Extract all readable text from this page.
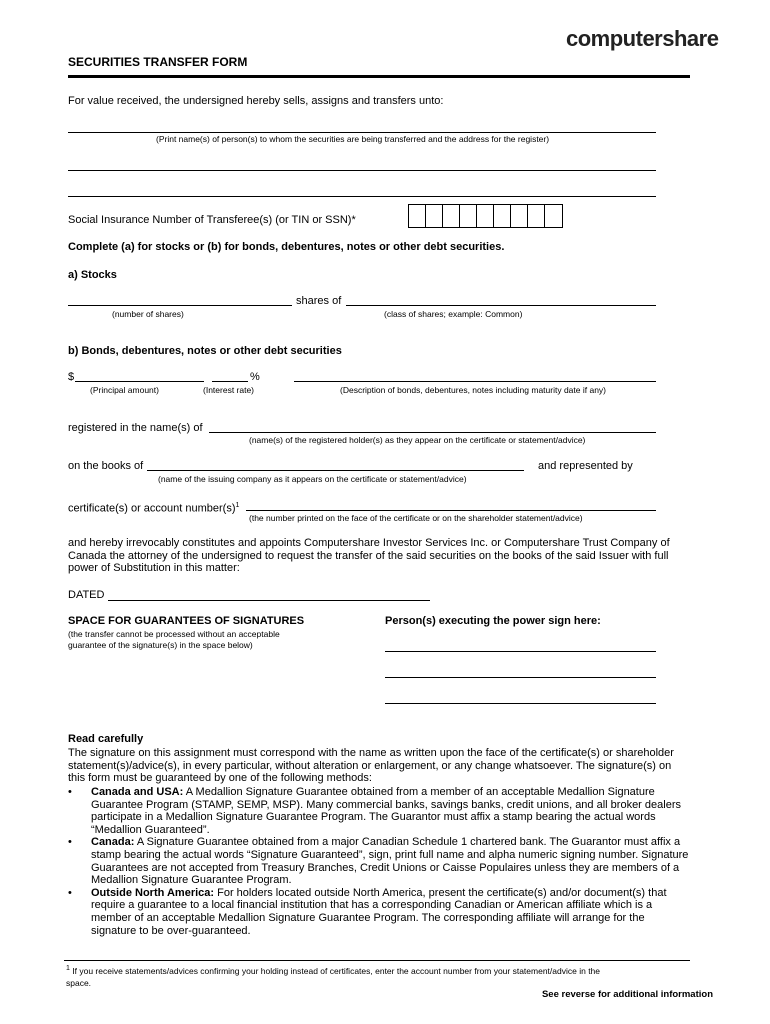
computershare
SECURITIES TRANSFER FORM
For value received, the undersigned hereby sells, assigns and transfers unto:
(Print name(s) of person(s) to whom the securities are being transferred and the address for the register)
Social Insurance Number of Transferee(s) (or TIN or SSN)*
Complete (a) for stocks or (b) for bonds, debentures, notes or other debt securities.
a) Stocks
shares of
(number of shares)	(class of shares; example: Common)
b) Bonds, debentures, notes or other debt securities
$	%
(Principal amount)	(Interest rate)	(Description of bonds, debentures, notes including maturity date if any)
registered in the name(s) of
(name(s) of the registered holder(s) as they appear on the certificate or statement/advice)
on the books of	and represented by
(name of the issuing company as it appears on the certificate or statement/advice)
certificate(s) or account $number(s)^1$
(the number printed on the face of the certificate or on the shareholder statement/advice)
and hereby irrevocably constitutes and appoints Computershare Investor Services Inc. or Computershare Trust Company of
Canada the attorney of the undersigned to request the transfer of the said securities on the books of the said Issuer with full
power of Substitution in this matter:
DATED
SPACE FOR GUARANTEES OF SIGNATURES
(the transfer cannot be processed without an acceptable
guarantee of the signature(s) in the space below)
Person(s) executing the power sign here:
Read carefully
The signature on this assignment must correspond with the name as written upon the face of the certificate(s) or shareholder
statement(s)/advice(s), in every particular, without alteration or enlargement, or any change whatsoever. The signature(s) on
this form must be guaranteed by one of the following methods:
• Canada and USA: A Medallion Signature Guarantee obtained from a member of an acceptable Medallion Signature
Guarantee Program (STAMP, SEMP, MSP). Many commercial banks, savings banks, credit unions, and all broker dealers
participate in a Medallion Signature Guarantee Program. The Guarantor must affix a stamp bearing the actual words
“Medallion Guaranteed”.
• Canada: A Signature Guarantee obtained from a major Canadian Schedule 1 chartered bank. The Guarantor must affix a
stamp bearing the actual words “Signature Guaranteed”, sign, print full name and alpha numeric signing number. Signature
Guarantees are not accepted from Treasury Branches, Credit Unions or Caisse Populaires unless they are members of a
Medallion Signature Guarantee Program.
• Outside North America: For holders located outside North America, present the certificate(s) and/or document(s) that
require a guarantee to a local financial institution that has a corresponding Canadian or American affiliate which is a
member of an acceptable Medallion Signature Guarantee Program. The corresponding affiliate will arrange for the
signature to be over-guaranteed.
$^1$ If you receive statements/advices confirming your holding instead of certificates, enter the account number from your statement/advice in the
space.
See reverse for additional information
